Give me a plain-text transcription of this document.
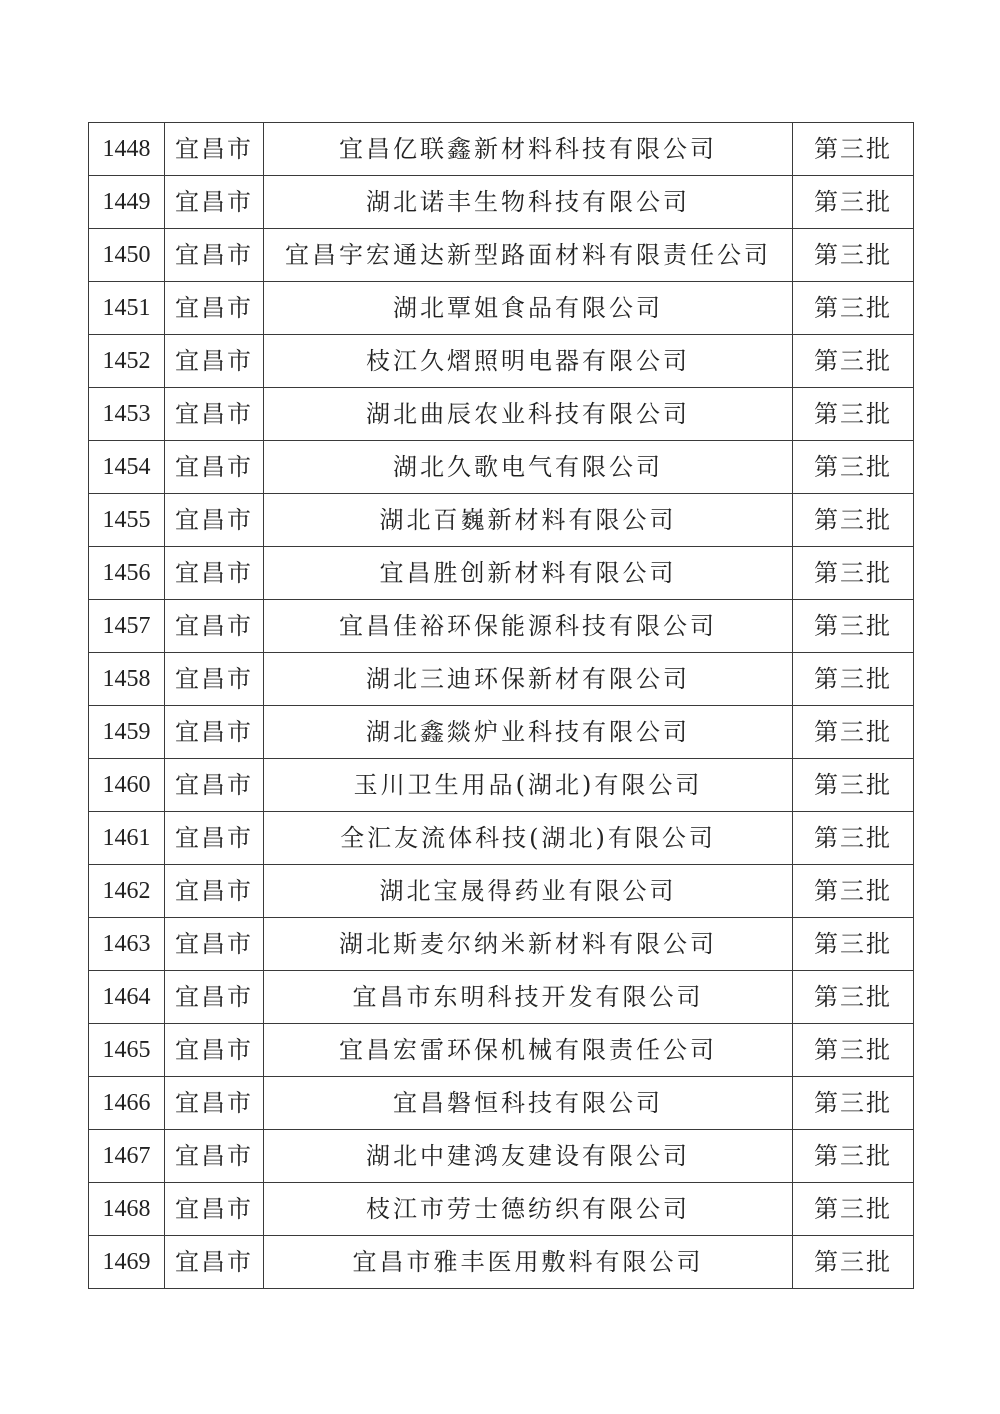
1448	宜昌市	宜昌亿联鑫新材料科技有限公司	第三批
1449	宜昌市	湖北诺丰生物科技有限公司	第三批
1450	宜昌市	宜昌宇宏通达新型路面材料有限责任公司	第三批
1451	宜昌市	湖北覃姐食品有限公司	第三批
1452	宜昌市	枝江久熠照明电器有限公司	第三批
1453	宜昌市	湖北曲辰农业科技有限公司	第三批
1454	宜昌市	湖北久歌电气有限公司	第三批
1455	宜昌市	湖北百巍新材料有限公司	第三批
1456	宜昌市	宜昌胜创新材料有限公司	第三批
1457	宜昌市	宜昌佳裕环保能源科技有限公司	第三批
1458	宜昌市	湖北三迪环保新材有限公司	第三批
1459	宜昌市	湖北鑫燚炉业科技有限公司	第三批
1460	宜昌市	玉川卫生用品(湖北)有限公司	第三批
1461	宜昌市	全汇友流体科技(湖北)有限公司	第三批
1462	宜昌市	湖北宝晟得药业有限公司	第三批
1463	宜昌市	湖北斯麦尔纳米新材料有限公司	第三批
1464	宜昌市	宜昌市东明科技开发有限公司	第三批
1465	宜昌市	宜昌宏雷环保机械有限责任公司	第三批
1466	宜昌市	宜昌磐恒科技有限公司	第三批
1467	宜昌市	湖北中建鸿友建设有限公司	第三批
1468	宜昌市	枝江市劳士德纺织有限公司	第三批
1469	宜昌市	宜昌市雅丰医用敷料有限公司	第三批
